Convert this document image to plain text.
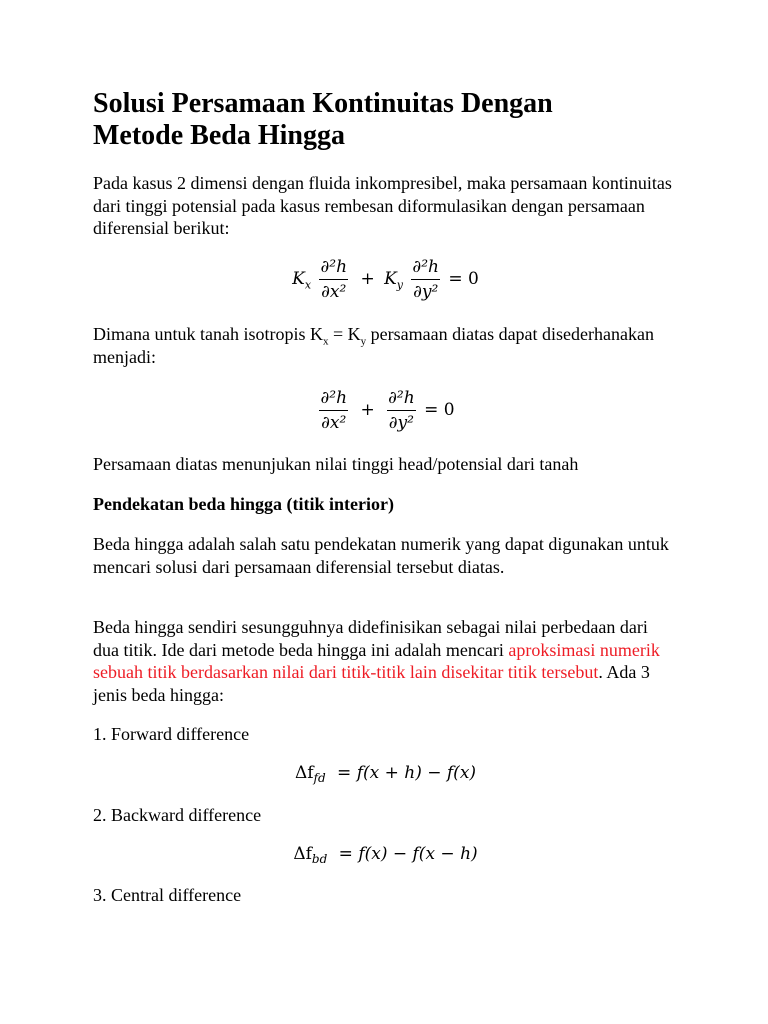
Solusi Persamaan Kontinuitas Dengan
Metode Beda Hingga

Pada kasus 2 dimensi dengan fluida inkompresibel, maka persamaan kontinuitas dari tinggi potensial pada kasus rembesan diformulasikan dengan persamaan diferensial berikut:

$K_x \frac{\text{∂²h}}{\text{∂x²}} + K_y \frac{\text{∂²h}}{\text{∂y²}} = 0$

Dimana untuk tanah isotropis $K_x = K_y$ persamaan diatas dapat disederhanakan menjadi:

$\frac{\text{∂²h}}{\text{∂x²}} + \frac{\text{∂²h}}{\text{∂y²}} = 0$

Persamaan diatas menunjukan nilai tinggi head/potensial dari tanah

Pendekatan beda hingga (titik interior)

Beda hingga adalah salah satu pendekatan numerik yang dapat digunakan untuk mencari solusi dari persamaan diferensial tersebut diatas.

Beda hingga sendiri sesungguhnya didefinisikan sebagai nilai perbedaan dari dua titik. Ide dari metode beda hingga ini adalah mencari aproksimasi numerik sebuah titik berdasarkan nilai dari titik-titik lain disekitar titik tersebut. Ada 3 jenis beda hingga:

1. Forward difference

$\Delta f_{fd} = f(x + h) - f(x)$

2. Backward difference

$\Delta f_{bd} = f(x) - f(x - h)$

3. Central difference
